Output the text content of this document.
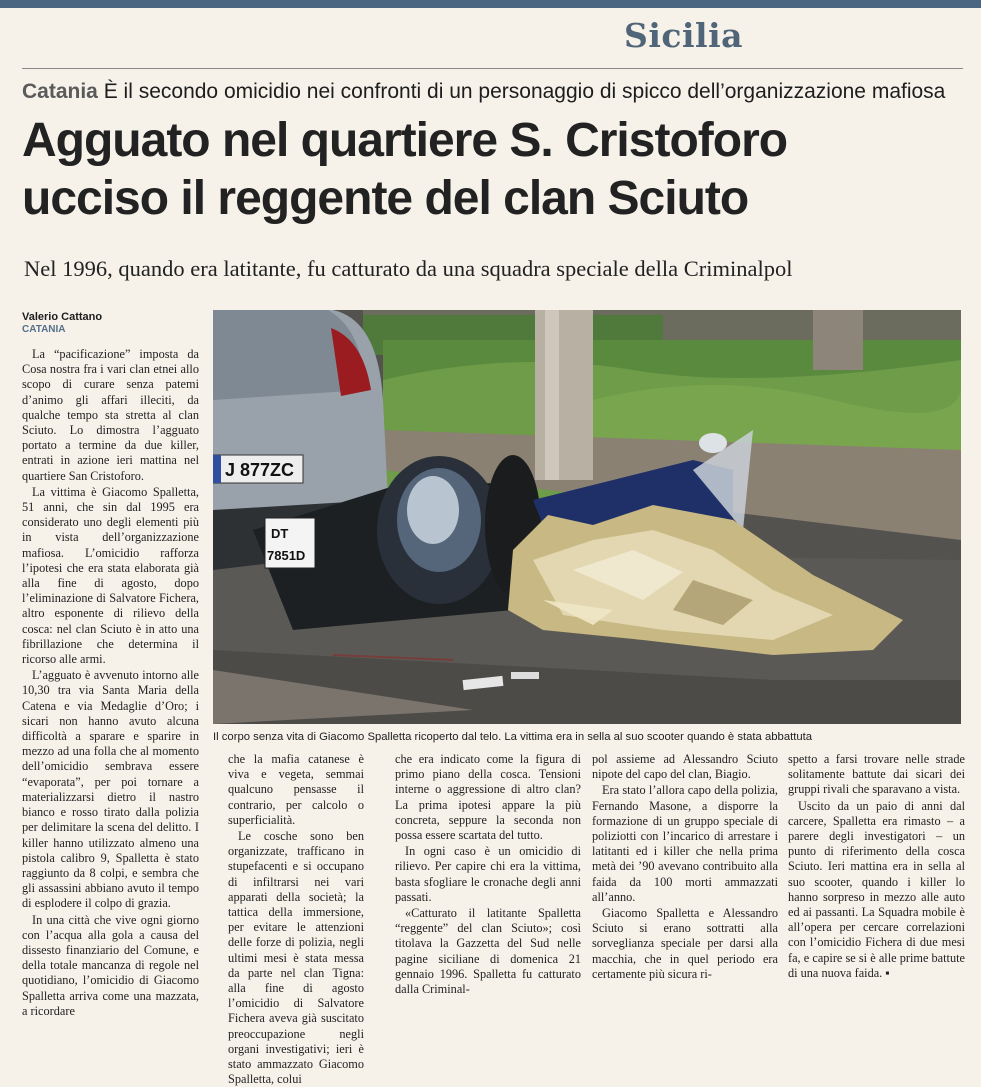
Sicilia
Catania È il secondo omicidio nei confronti di un personaggio di spicco dell’organizzazione mafiosa
Agguato nel quartiere S. Cristoforo
ucciso il reggente del clan Sciuto
Nel 1996, quando era latitante, fu catturato da una squadra speciale della Criminalpol
Valerio Cattano
CATANIA

La “pacificazione” imposta da Cosa nostra fra i vari clan etnei allo scopo di curare senza patemi d’animo gli affari illeciti, da qualche tempo sta stretta al clan Sciuto. Lo dimostra l’agguato portato a termine da due killer, entrati in azione ieri mattina nel quartiere San Cristoforo.

La vittima è Giacomo Spalletta, 51 anni, che sin dal 1995 era considerato uno degli elementi più in vista dell’organizzazione mafiosa. L’omicidio rafforza l’ipotesi che era stata elaborata già alla fine di agosto, dopo l’eliminazione di Salvatore Fichera, altro esponente di rilievo della cosca: nel clan Sciuto è in atto una fibrillazione che determina il ricorso alle armi.

L’agguato è avvenuto intorno alle 10,30 tra via Santa Maria della Catena e via Medaglie d’Oro; i sicari non hanno avuto alcuna difficoltà a sparare e sparire in mezzo ad una folla che al momento dell’omicidio sembrava essere “evaporata”, per poi tornare a materializzarsi dietro il nastro bianco e rosso tirato dalla polizia per delimitare la scena del delitto. I killer hanno utilizzato almeno una pistola calibro 9, Spalletta è stato raggiunto da 8 colpi, e sembra che gli assassini abbiano avuto il tempo di esplodere il colpo di grazia.

In una città che vive ogni giorno con l’acqua alla gola a causa del dissesto finanziario del Comune, e della totale mancanza di regole nel quotidiano, l’omicidio di Giacomo Spalletta arriva come una mazzata, a ricordare

J 877ZC
DT
7851D
Il corpo senza vita di Giacomo Spalletta ricoperto dal telo. La vittima era in sella al suo scooter quando è stata abbattuta

che la mafia catanese è viva e vegeta, semmai qualcuno pensasse il contrario, per calcolo o superficialità.

Le cosche sono ben organizzate, trafficano in stupefacenti e si occupano di infiltrarsi nei vari apparati della società; la tattica della immersione, per evitare le attenzioni delle forze di polizia, negli ultimi mesi è stata messa da parte nel clan Tigna: alla fine di agosto l’omicidio di Salvatore Fichera aveva già suscitato preoccupazione negli organi investigativi; ieri è stato ammazzato Giacomo Spalletta, colui

che era indicato come la figura di primo piano della cosca. Tensioni interne o aggressione di altro clan? La prima ipotesi appare la più concreta, seppure la seconda non possa essere scartata del tutto.

In ogni caso è un omicidio di rilievo. Per capire chi era la vittima, basta sfogliare le cronache degli anni passati.

«Catturato il latitante Spalletta “reggente” del clan Sciuto»; così titolava la Gazzetta del Sud nelle pagine siciliane di domenica 21 gennaio 1996. Spalletta fu catturato dalla Criminal-

pol assieme ad Alessandro Sciuto nipote del capo del clan, Biagio.

Era stato l’allora capo della polizia, Fernando Masone, a disporre la formazione di un gruppo speciale di poliziotti con l’incarico di arrestare i latitanti ed i killer che nella prima metà dei ’90 avevano contribuito alla faida da 100 morti ammazzati all’anno.

Giacomo Spalletta e Alessandro Sciuto si erano sottratti alla sorveglianza speciale per darsi alla macchia, che in quel periodo era certamente più sicura ri-

spetto a farsi trovare nelle strade solitamente battute dai sicari dei gruppi rivali che sparavano a vista.

Uscito da un paio di anni dal carcere, Spalletta era rimasto – a parere degli investigatori – un punto di riferimento della cosca Sciuto. Ieri mattina era in sella al suo scooter, quando i killer lo hanno sorpreso in mezzo alle auto ed ai passanti. La Squadra mobile è all’opera per cercare correlazioni con l’omicidio Fichera di due mesi fa, e capire se si è alle prime battute di una nuova faida. ▪
